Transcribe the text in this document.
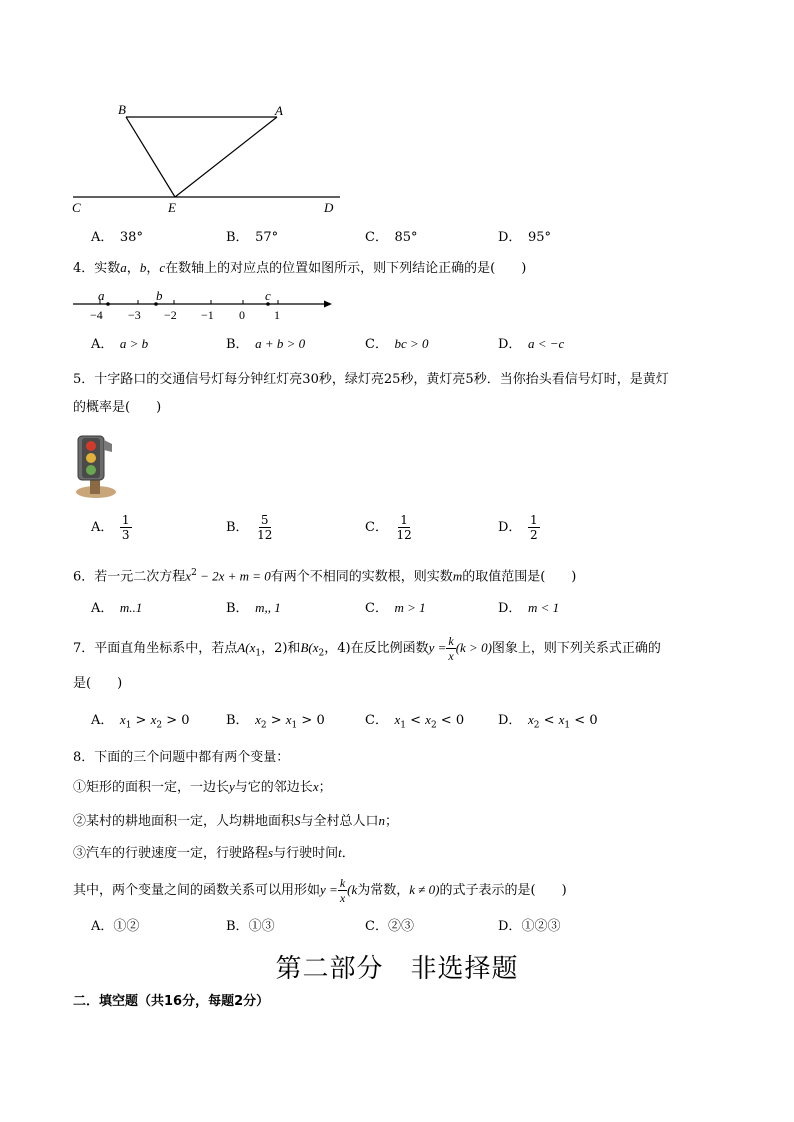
B	A
C	E	D
A．　 38°	B．　 57°	C．　 85°	D．　 95°
4．实数a，b，c在数轴上的对应点的位置如图所示，则下列结论正确的是(　　)
a	b	c
−4 −3 −2 −1 0 1
A．　 a > b	B．　 a + b > 0	C．　 bc > 0	D．　 a < −c
5．十字路口的交通信号灯每分钟红灯亮30秒，绿灯亮25秒，黄灯亮5秒．当你抬头看信号灯时，是黄灯
的概率是(　　)
A．　 $\frac{1}{3}$	B．　 $\frac{5}{12}$	C．　 $\frac{1}{12}$	D．　 $\frac{1}{2}$
6．若一元二次方程$x^2 - 2x + m = 0$有两个不相同的实数根，则实数m的取值范围是(　　)
A．　 m..1	B．　 m,, 1	C．　 m > 1	D．　 m < 1
7．平面直角坐标系中，若点$A(x_1$，2)和$B(x_2$，4)在反比例函数$y = \frac{k}{x} (k > 0)$图象上，则下列关系式正确的
是(　　)
A．　 $x_1 > x_2 > 0$	B．　 $x_2 > x_1 > 0$	C．　 $x_1 < x_2 < 0$	D．　 $x_2 < x_1 < 0$
8．下面的三个问题中都有两个变量：
①矩形的面积一定，一边长y与它的邻边长x；
②某村的耕地面积一定，人均耕地面积S与全村总人口n；
③汽车的行驶速度一定，行驶路程s与行驶时间t．
其中，两个变量之间的函数关系可以用形如$y = \frac{k}{x} (k$为常数，k ≠ 0)的式子表示的是(　　)
A．①②	B．①③	C．②③	D．①②③
第二部分　非选择题
二．填空题（共16分，每题2分）
